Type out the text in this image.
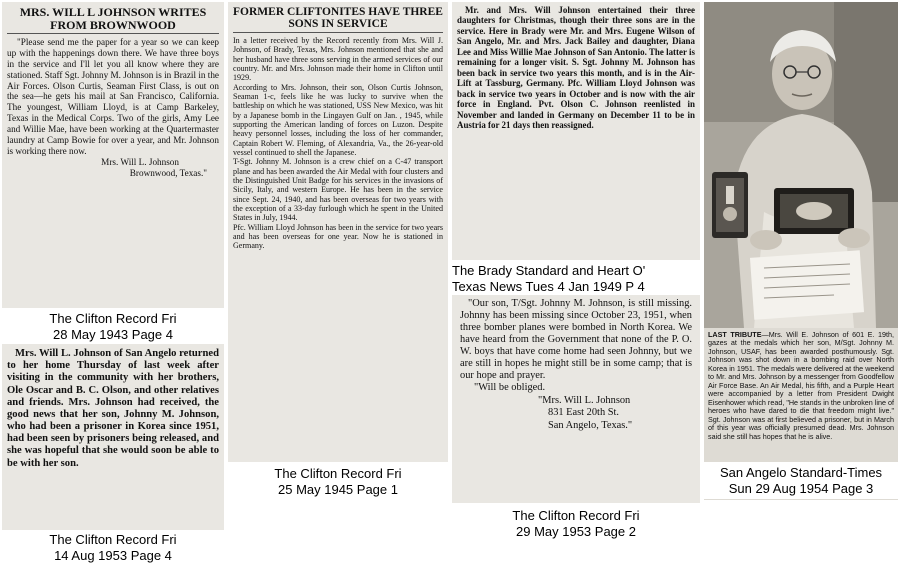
MRS. WILL L JOHNSON WRITES FROM BROWNWOOD

"Please send me the paper for a year so we can keep up with the happenings down there. We have three boys in the service and I'll let you all know where they are stationed. Staff Sgt. Johnny M. Johnson is in Brazil in the Air Forces. Olson Curtis, Seaman First Class, is out on the sea—he gets his mail at San Francisco, California. The youngest, William Lloyd, is at Camp Barkeley, Texas in the Medical Corps. Two of the girls, Amy Lee and Willie Mae, have been working at the Quartermaster laundry at Camp Bowie for over a year, and Mr. Johnson is working there now.

Mrs. Will L. Johnson

Brownwood, Texas."

The Clifton Record Fri
28 May 1943 Page 4

Mrs. Will L. Johnson of San Angelo returned to her home Thursday of last week after visiting in the community with her brothers, Ole Oscar and B. C. Olson, and other relatives and friends. Mrs. Johnson had received, the good news that her son, Johnny M. Johnson, who had been a prisoner in Korea since 1951, had been seen by prisoners being released, and she was hopeful that she would soon be able to be with her son.

The Clifton Record Fri
14 Aug 1953 Page 4

FORMER CLIFTONITES HAVE THREE SONS IN SERVICE

In a letter received by the Record recently from Mrs. Will J. Johnson, of Brady, Texas, Mrs. Johnson mentioned that she and her husband have three sons serving in the armed services of our country. Mr. and Mrs. Johnson made their home in Clifton until 1929.
According to Mrs. Johnson, their son, Olson Curtis Johnson, Seaman 1-c, feels like he was lucky to survive when the battleship on which he was stationed, USS New Mexico, was hit by a Japanese bomb in the Lingayen Gulf on Jan. , 1945, while supporting the American landing of forces on Luzon. Despite heavy personnel losses, including the loss of her commander, Captain Robert W. Fleming, of Alexandria, Va., the 26-year-old vessel continued to shell the Japanese.
T-Sgt. Johnny M. Johnson is a crew chief on a C-47 transport plane and has been awarded the Air Medal with four clusters and the Distinguished Unit Badge for his services in the invasions of Sicily, Italy, and western Europe. He has been in the service since Sept. 24, 1940, and has been overseas for two years with the exception of a 33-day furlough which he spent in the United States in July, 1944.
Pfc. William Lloyd Johnson has been in the service for two years and has been overseas for one year. Now he is stationed in Germany.

The Clifton Record Fri
25 May 1945 Page 1

Mr. and Mrs. Will Johnson entertained their three daughters for Christmas, though their three sons are in the service. Here in Brady were Mr. and Mrs. Eugene Wilson of San Angelo, Mr. and Mrs. Jack Bailey and daughter, Diana Lee and Miss Willie Mae Johnson of San Antonio. The latter is remaining for a longer visit. S. Sgt. Johnny M. Johnson has been back in service two years this month, and is in the Air-Lift at Tassburg, Germany. Pfc. William Lloyd Johnson was back in service two years in October and is now with the air force in England. Pvt. Olson C. Johnson reenlisted in November and landed in Germany on December 11 to be in Austria for 21 days then reassigned.

The Brady Standard and Heart O'
Texas News Tues 4 Jan 1949 P 4

"Our son, T/Sgt. Johnny M. Johnson, is still missing. Johnny has been missing since October 23, 1951, when three bomber planes were bombed in North Korea. We have heard from the Government that none of the P. O. W. boys that have come home had seen Johnny, but we are still in hopes he might still be in some camp; that is our hope and prayer.

"Will be obliged.

"Mrs. Will L. Johnson

831 East 20th St.

San Angelo, Texas."

The Clifton Record Fri
29 May 1953 Page 2
LAST TRIBUTE—Mrs. Will E. Johnson of 601 E. 19th, gazes at the medals which her son, M/Sgt. Johnny M. Johnson, USAF, has been awarded posthumously. Sgt. Johnson was shot down in a bombing raid over North Korea in 1951. The medals were delivered at the weekend to Mr. and Mrs. Johnson by a messenger from Goodfellow Air Force Base. An Air Medal, his fifth, and a Purple Heart were accompanied by a letter from President Dwight Eisenhower which read, "He stands in the unbroken line of heroes who have dared to die that freedom might live." Sgt. Johnson was at first believed a prisoner, but in March of this year was officially presumed dead. Mrs. Johnson said she still has hopes that he is alive.
San Angelo Standard-Times
Sun 29 Aug 1954 Page 3
